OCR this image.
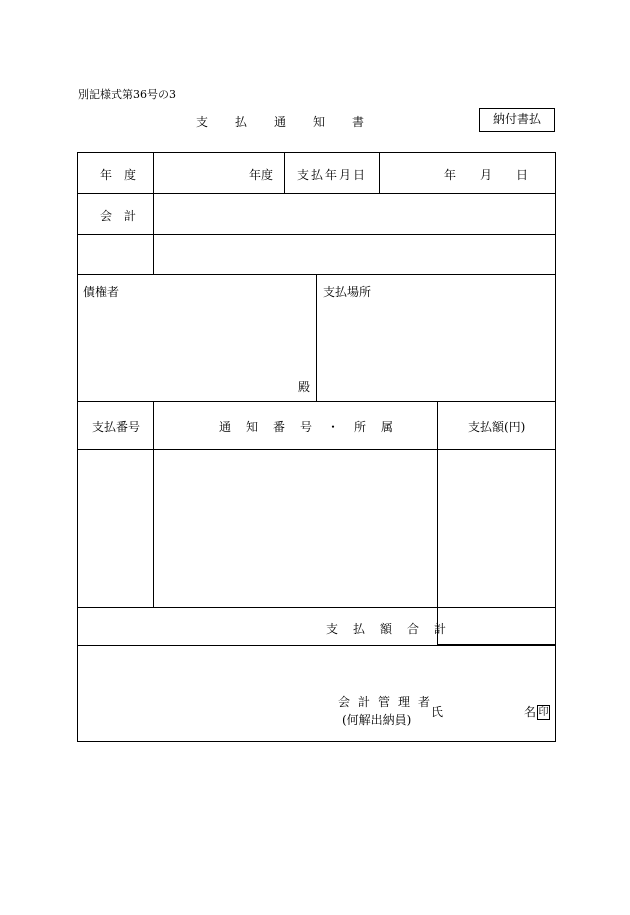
別記様式第36号の3
支払通知書	納付書払
年　度	年度 支払年月日	年 月 日
会　計
債権者
殿
支払場所
支払番号	通知番号・所属	支払額(円)
支払額合計
会計管理者
(何解出納員)
氏	名 印
